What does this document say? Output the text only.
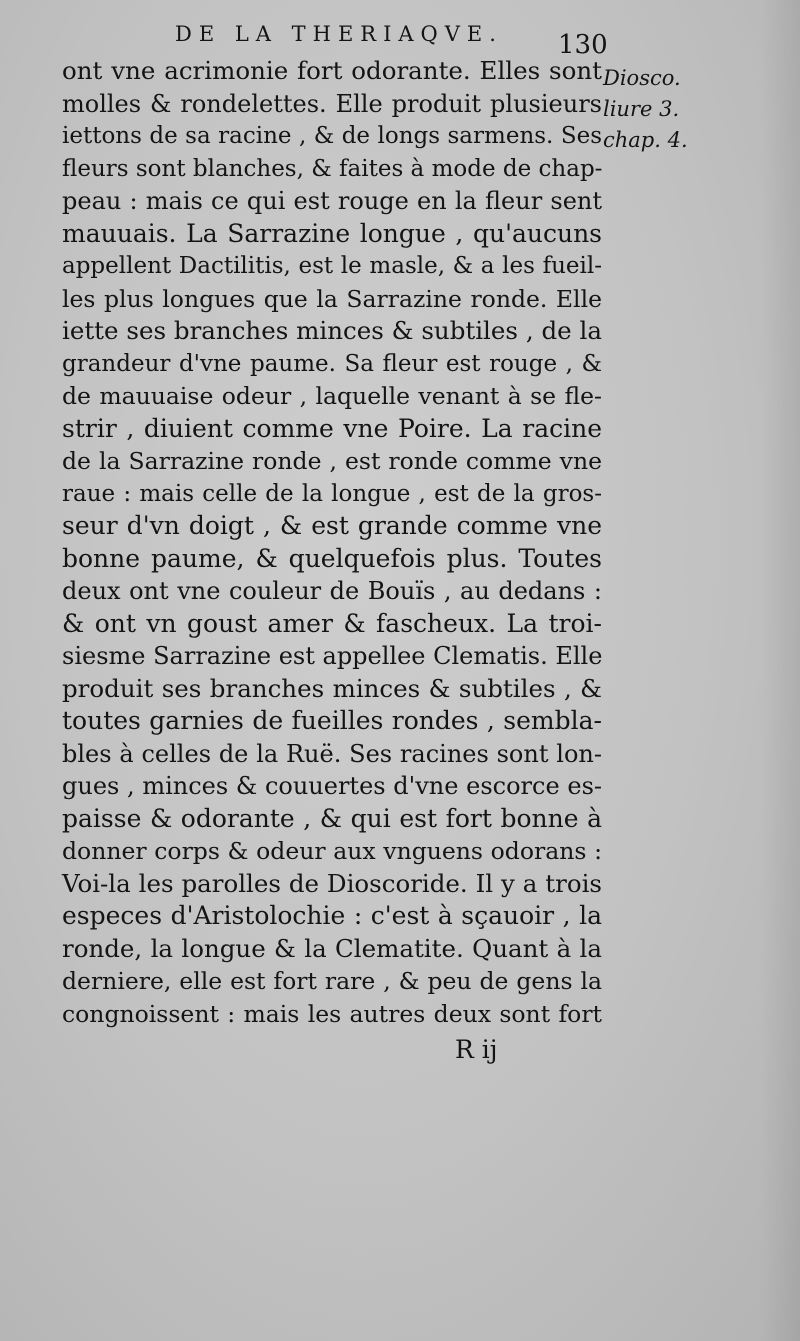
DE LA THERIAQVE. 130
ont vne acrimonie fort odorante. Elles sont
molles & rondelettes. Elle produit plusieurs
iettons de sa racine , & de longs sarmens. Ses
fleurs sont blanches, & faites à mode de chap-
peau : mais ce qui est rouge en la fleur sent
mauuais. La Sarrazine longue , qu'aucuns
appellent Dactilitis, est le masle, & a les fueil-
les plus longues que la Sarrazine ronde. Elle
iette ses branches minces & subtiles , de la
grandeur d'vne paume. Sa fleur est rouge , &
de mauuaise odeur , laquelle venant à se fle-
strir , diuient comme vne Poire. La racine
de la Sarrazine ronde , est ronde comme vne
raue : mais celle de la longue , est de la gros-
seur d'vn doigt , & est grande comme vne
bonne paume, & quelquefois plus. Toutes
deux ont vne couleur de Bouïs , au dedans :
& ont vn goust amer & fascheux. La troi-
siesme Sarrazine est appellee Clematis. Elle
produit ses branches minces & subtiles , &
toutes garnies de fueilles rondes , sembla-
bles à celles de la Ruë. Ses racines sont lon-
gues , minces & couuertes d'vne escorce es-
paisse & odorante , & qui est fort bonne à
donner corps & odeur aux vnguens odorans :
Voi-la les parolles de Dioscoride. Il y a trois
especes d'Aristolochie : c'est à sçauoir , la
ronde, la longue & la Clematite. Quant à la
derniere, elle est fort rare , & peu de gens la
congnoissent : mais les autres deux sont fort
Diosco.
liure 3.
chap. 4.
R ij
